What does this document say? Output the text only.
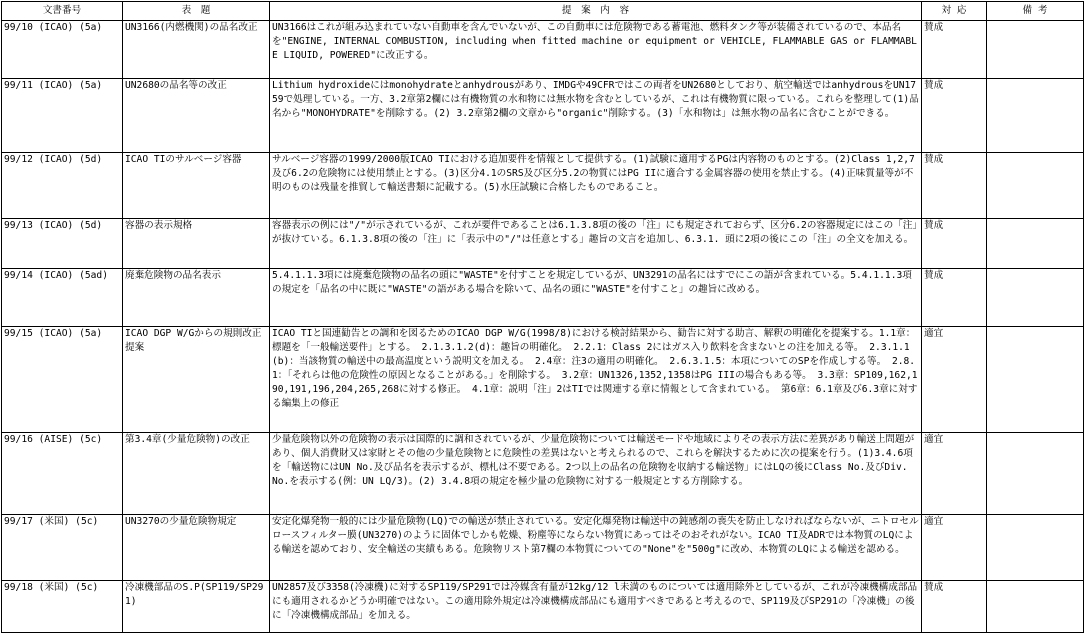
文書番号	表　題	提　案　内　容	対 応	備 考
99/10 (ICAO) (5a)	UN3166(内燃機関)の品名改正	UN3166はこれが組み込まれていない自動車を含んでいないが、この自動車には危険物である蓄電池、燃料タンク等が装備されているので、本品名を"ENGINE, INTERNAL COMBUSTION, including when fitted machine or equipment or VEHICLE, FLAMMABLE GAS or FLAMMABLE LIQUID, POWERED"に改正する。	賛成	
99/11 (ICAO) (5a)	UN2680の品名等の改正	Lithium hydroxideにはmonohydrateとanhydrousがあり、IMDGや49CFRではこの両者をUN2680としており、航空輸送ではanhydrousをUN1759で処理している。一方、3.2章第2欄には有機物質の水和物には無水物を含むとしているが、これは有機物質に限っている。これらを整理して(1)品名から"MONOHYDRATE"を削除する。(2) 3.2章第2欄の文章から"organic"削除する。(3)「水和物は」は無水物の品名に含むことができる。	賛成	
99/12 (ICAO) (5d)	ICAO TIのサルベージ容器	サルベージ容器の1999/2000版ICAO TIにおける追加要件を情報として提供する。(1)試験に適用するPGは内容物のものとする。(2)Class 1,2,7及び6.2の危険物には使用禁止とする。(3)区分4.1のSRS及び区分5.2の物質にはPG IIに適合する金属容器の使用を禁止する。(4)正味質量等が不明のものは残量を推貿して輸送書類に記載する。(5)水圧試験に合格したものであること。	賛成	
99/13 (ICAO) (5d)	容器の表示規格	容器表示の例には"/"が示されているが、これが要件であることは6.1.3.8項の後の「注」にも規定されておらず、区分6.2の容器規定にはこの「注」が抜けている。6.1.3.8項の後の「注」に「表示中の"/"は任意とする」趣旨の文言を追加し、6.3.1. 頭に2項の後にこの「注」の全文を加える。	賛成	
99/14 (ICAO) (5ad)	廃棄危険物の品名表示	5.4.1.1.3項には廃棄危険物の品名の頭に"WASTE"を付すことを規定しているが、UN3291の品名にはすでにこの語が含まれている。5.4.1.1.3項の規定を「品名の中に既に"WASTE"の語がある場合を除いて、品名の頭に"WASTE"を付すこと」の趣旨に改める。	賛成	
99/15 (ICAO) (5a)	ICAO DGP W/Gからの規則改正提案	ICAO TIと国連勧告との調和を図るためのICAO DGP W/G(1998/8)における検討結果から、勧告に対する助言、解釈の明確化を提案する。1.1章：標題を「一般輸送要件」とする。 2.1.3.1.2(d)：趣旨の明確化。 2.2.1：Class 2にはガス入り飲料を含まないとの注を加える等。 2.3.1.1(b)：当該物質の輸送中の最高温度という説明文を加える。 2.4章：注3の適用の明確化。 2.6.3.1.5：本項についてのSPを作成しする等。 2.8.1：「それらは他の危険性の原因となることがある。」を削除する。 3.2章：UN1326,1352,1358はPG IIIの場合もある等。 3.3章：SP109,162,190,191,196,204,265,268に対する修正。 4.1章：説明「注」2はTIでは関連する章に情報として含まれている。 第6章：6.1章及び6.3章に対する編集上の修正	適宜	
99/16 (AISE) (5c)	第3.4章(少量危険物)の改正	少量危険物以外の危険物の表示は国際的に調和されているが、少量危険物については輸送モードや地域によりその表示方法に差異があり輸送上問題があり、個人消費財又は家財とその他の少量危険物とに危険性の差異はないと考えられるので、これらを解決するために次の提案を行う。(1)3.4.6項を「輸送物にはUN No.及び品名を表示するが、標札は不要である。2つ以上の品名の危険物を収納する輸送物」にはLQの後にClass No.及びDiv. No.を表示する(例：UN LQ/3)。(2) 3.4.8項の規定を極少量の危険物に対する一般規定とする方削除する。	適宜	
99/17 (米国) (5c)	UN3270の少量危険物規定	安定化爆発物一般的には少量危険物(LQ)での輸送が禁止されている。安定化爆発物は輸送中の鈍感剤の喪失を防止しなければならないが、ニトロセルロースフィルター膜(UN3270)のように固体でしかも乾燥、粉塵等にならない物質にあってはそのおそれがない。ICAO TI及ADRでは本物質のLQによる輸送を認めており、安全輸送の実績もある。危険物リスト第7欄の本物質についての"None"を"500g"に改め、本物質のLQによる輸送を認める。	適宜	
99/18 (米国) (5c)	冷凍機部品のS.P(SP119/SP291)	UN2857及び3358(冷凍機)に対するSP119/SP291では冷媒含有量が12kg/12 l未満のものについては適用除外としているが、これが冷凍機構成部品にも適用されるかどうか明確ではない。この適用除外規定は冷凍機構成部品にも適用すべきであると考えるので、SP119及びSP291の「冷凍機」の後に「冷凍機構成部品」を加える。	賛成	
